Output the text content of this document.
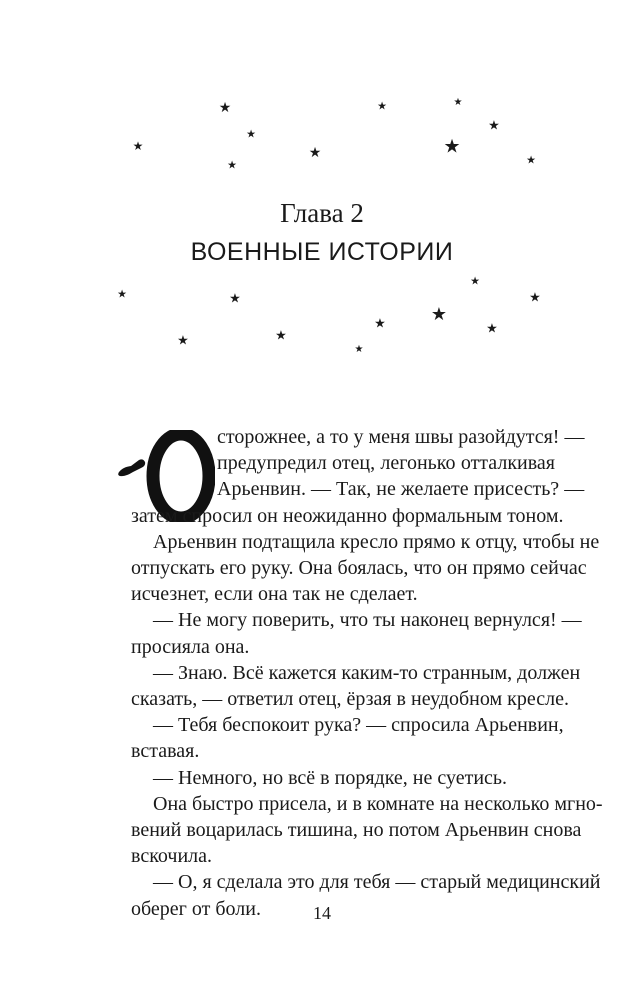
★
★
★
★
★
★	★
★
★
★
Глава 2
ВОЕННЫЕ ИСТОРИИ
★	★
★	★
★
★
★
★
★
★
сторожнее, а то у меня швы разойдутся! —
предупредил отец, легонько отталкивая
Арьенвин. — Так, не желаете присесть? —
затем спросил он неожиданно формальным тоном.
Арьенвин подтащила кресло прямо к отцу, чтобы не
отпускать его руку. Она боялась, что он прямо сейчас
исчезнет, если она так не сделает.
— Не могу поверить, что ты наконец вернулся! —
просияла она.
— Знаю. Всё кажется каким-то странным, должен
сказать, — ответил отец, ёрзая в неудобном кресле.
— Тебя беспокоит рука? — спросила Арьенвин,
вставая.
— Немного, но всё в порядке, не суетись.
Она быстро присела, и в комнате на несколько мгно-
вений воцарилась тишина, но потом Арьенвин снова
вскочила.
— О, я сделала это для тебя — старый медицинский
оберег от боли.	14
